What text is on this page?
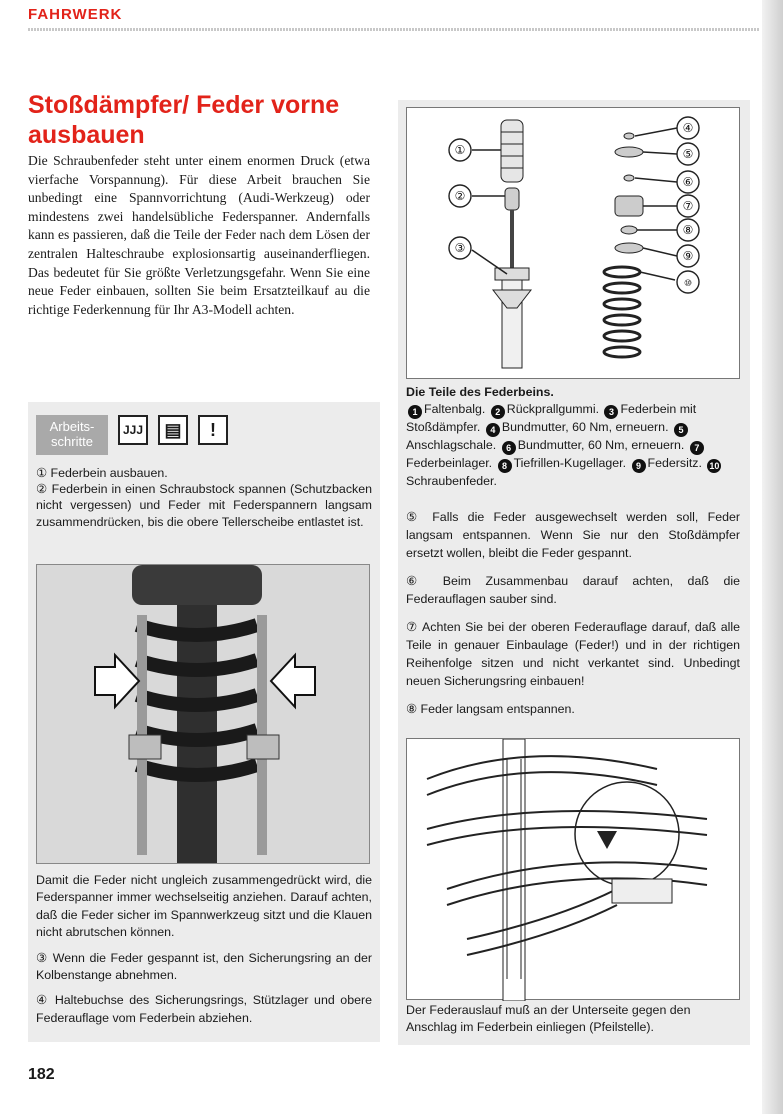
FAHRWERK
Stoßdämpfer/ Feder vorne ausbauen
Die Schraubenfeder steht unter einem enormen Druck (etwa vierfache Vorspannung). Für diese Arbeit brauchen Sie unbedingt eine Spannvorrichtung (Audi-Werkzeug) oder mindestens zwei handelsübliche Federspanner. Andernfalls kann es passieren, daß die Teile der Feder nach dem Lösen der zentralen Halteschraube explosionsartig auseinanderfliegen. Das bedeutet für Sie größte Verletzungsgefahr. Wenn Sie eine neue Feder einbauen, sollten Sie beim Ersatzteilkauf au die richtige Federkennung für Ihr A3-Modell achten.
Arbeits-
schritte
JJJ	▤	!

① Federbein ausbauen.

② Federbein in einen Schraubstock spannen (Schutzbacken nicht vergessen) und Feder mit Federspannern langsam zusammendrücken, bis die obere Tellerscheibe entlastet ist.

Damit die Feder nicht ungleich zusammengedrückt wird, die Federspanner immer wechselseitig anziehen. Darauf achten, daß die Feder sicher im Spannwerkzeug sitzt und die Klauen nicht abrutschen können.

③ Wenn die Feder gespannt ist, den Sicherungsring an der Kolbenstange abnehmen.

④ Haltebuchse des Sicherungsrings, Stützlager und obere Federauflage vom Federbein abziehen.

①
②
③
④
⑤
⑥
⑦
⑧
⑨
⑩
Die Teile des Federbeins.
1 Faltenbalg. 2 Rückprallgummi. 3 Federbein mit Stoßdämpfer. 4 Bundmutter, 60 Nm, erneuern. 5Anschlagschale. 6 Bundmutter, 60 Nm, erneuern. 7Federbeinlager. 8 Tiefrillen-Kugellager. 9 Federsitz. 10Schraubenfeder.

⑤ Falls die Feder ausgewechselt werden soll, Feder langsam entspannen. Wenn Sie nur den Stoßdämpfer ersetzt wollen, bleibt die Feder gespannt.

⑥ Beim Zusammenbau darauf achten, daß die Federauflagen sauber sind.

⑦ Achten Sie bei der oberen Federauflage darauf, daß alle Teile in genauer Einbaulage (Feder!) und in der richtigen Reihenfolge sitzen und nicht verkantet sind. Unbedingt neuen Sicherungsring einbauen!

⑧ Feder langsam entspannen.

Der Federauslauf muß an der Unterseite gegen den Anschlag im Federbein einliegen (Pfeilstelle).
182
